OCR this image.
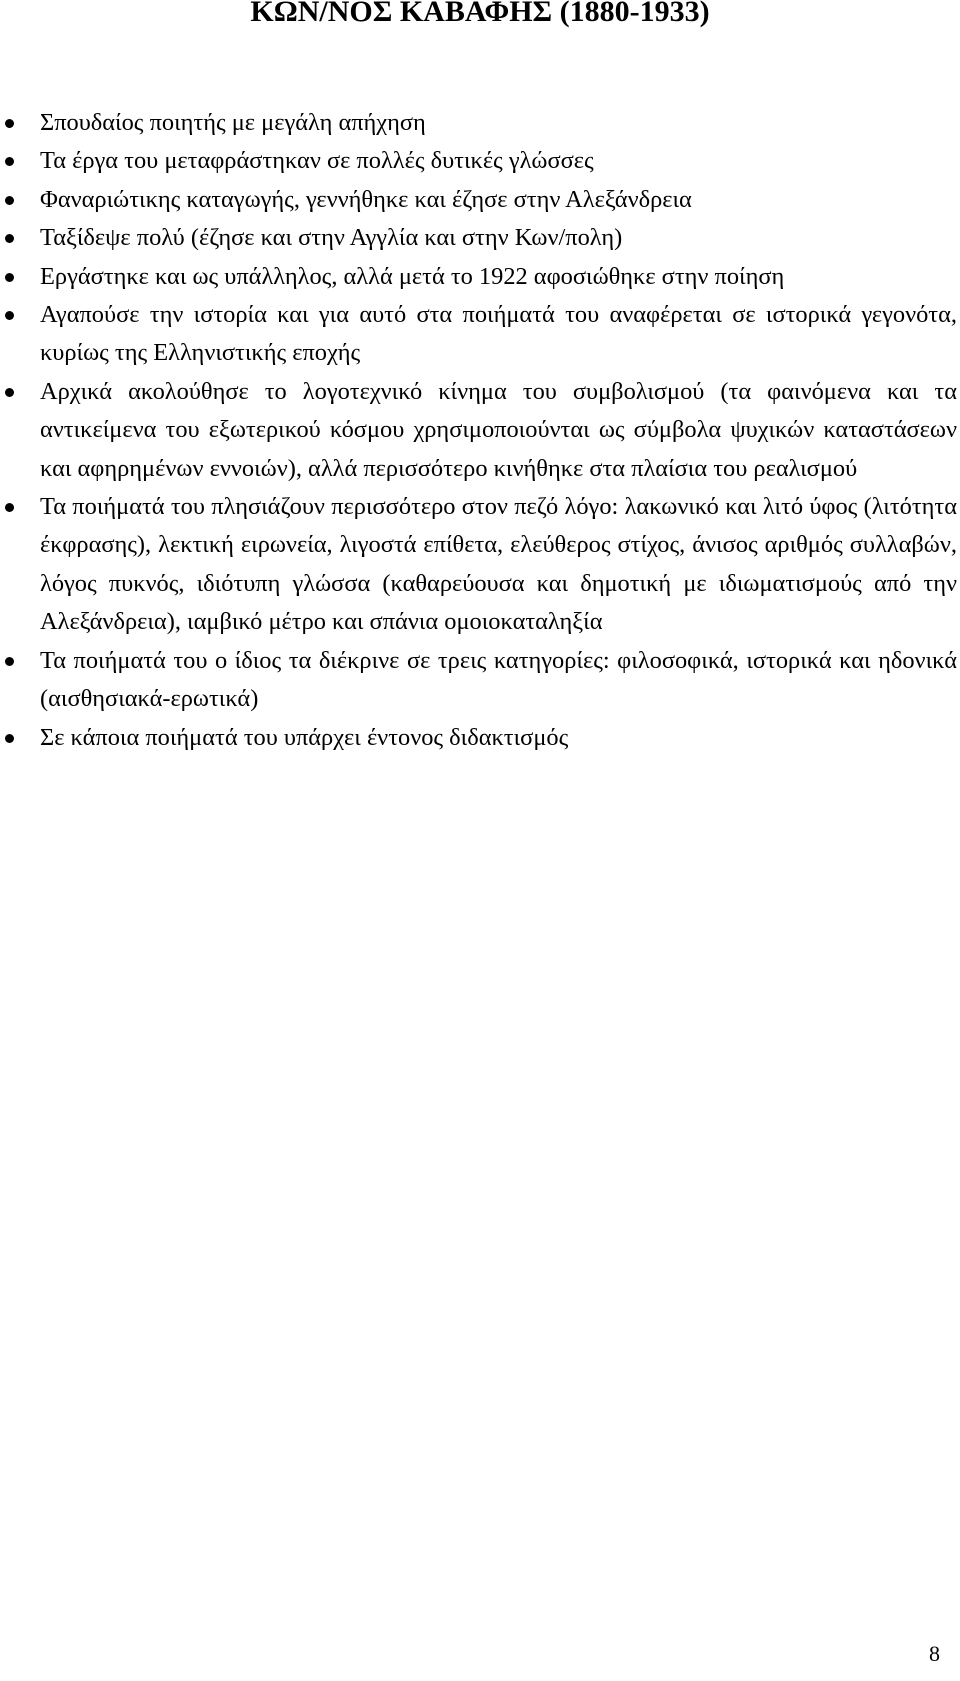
ΚΩΝ/ΝΟΣ ΚΑΒΑΦΗΣ (1880-1933)
Σπουδαίος ποιητής με μεγάλη απήχηση
Τα έργα του μεταφράστηκαν σε πολλές δυτικές γλώσσες
Φαναριώτικης καταγωγής, γεννήθηκε και έζησε στην Αλεξάνδρεια
Ταξίδεψε πολύ (έζησε και στην Αγγλία και στην Κων/πολη)
Εργάστηκε και ως υπάλληλος, αλλά μετά το 1922 αφοσιώθηκε στην ποίηση
Αγαπούσε την ιστορία και για αυτό στα ποιήματά του αναφέρεται σε ιστορικά γεγονότα, κυρίως της Ελληνιστικής εποχής
Αρχικά ακολούθησε το λογοτεχνικό κίνημα του συμβολισμού (τα φαινόμενα και τα αντικείμενα του εξωτερικού κόσμου χρησιμοποιούνται ως σύμβολα ψυχικών καταστάσεων και αφηρημένων εννοιών), αλλά περισσότερο κινήθηκε στα πλαίσια του ρεαλισμού
Τα ποιήματά του πλησιάζουν περισσότερο στον πεζό λόγο: λακωνικό και λιτό ύφος (λιτότητα έκφρασης), λεκτική ειρωνεία, λιγοστά επίθετα, ελεύθερος στίχος, άνισος αριθμός συλλαβών, λόγος πυκνός, ιδιότυπη γλώσσα (καθαρεύουσα και δημοτική με ιδιωματισμούς από την Αλεξάνδρεια), ιαμβικό μέτρο και σπάνια ομοιοκαταληξία
Τα ποιήματά του ο ίδιος τα διέκρινε σε τρεις κατηγορίες: φιλοσοφικά, ιστορικά και ηδονικά (αισθησιακά-ερωτικά)
Σε κάποια ποιήματά του υπάρχει έντονος διδακτισμός
8
